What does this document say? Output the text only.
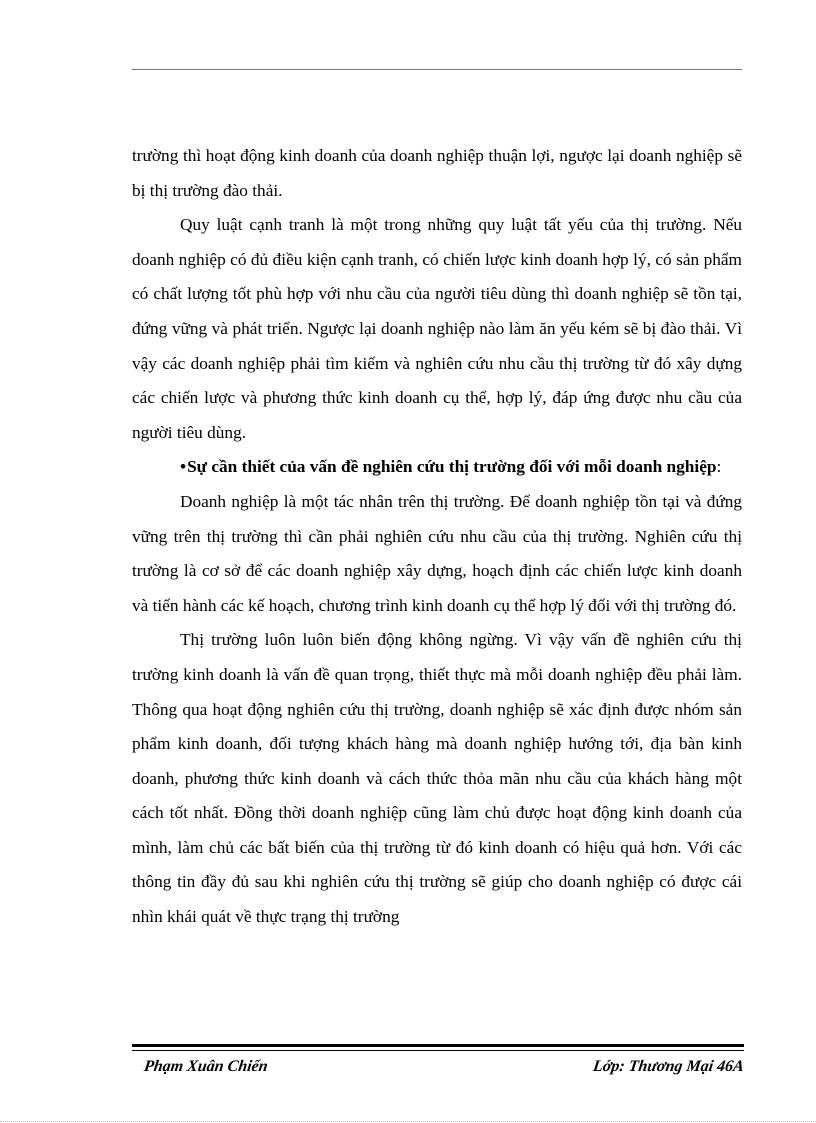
trường thì hoạt động kinh doanh của doanh nghiệp thuận lợi, ngược lại doanh nghiệp sẽ bị thị trường đào thải.

Quy luật cạnh tranh là một trong những quy luật tất yếu của thị trường. Nếu doanh nghiệp có đủ điều kiện cạnh tranh, có chiến lược kinh doanh hợp lý, có sản phẩm có chất lượng tốt phù hợp với nhu cầu của người tiêu dùng thì doanh nghiệp sẽ tồn tại, đứng vững và phát triển. Ngược lại doanh nghiệp nào làm ăn yếu kém sẽ bị đào thải. Vì vậy các doanh nghiệp phải tìm kiếm và nghiên cứu nhu cầu thị trường từ đó xây dựng các chiến lược và phương thức kinh doanh cụ thể, hợp lý, đáp ứng được nhu cầu của người tiêu dùng.

•Sự cần thiết của vấn đề nghiên cứu thị trường đối với mỗi doanh nghiệp:

Doanh nghiệp là một tác nhân trên thị trường. Để doanh nghiệp tồn tại và đứng vững trên thị trường thì cần phải nghiên cứu nhu cầu của thị trường. Nghiên cứu thị trường là cơ sở để các doanh nghiệp xây dựng, hoạch định các chiến lược kinh doanh và tiến hành các kế hoạch, chương trình kinh doanh cụ thể hợp lý đối với thị trường đó.

Thị trường luôn luôn biến động không ngừng. Vì vậy vấn đề nghiên cứu thị trường kinh doanh là vấn đề quan trọng, thiết thực mà mỗi doanh nghiệp đều phải làm. Thông qua hoạt động nghiên cứu thị trường, doanh nghiệp sẽ xác định được nhóm sản phẩm kinh doanh, đối tượng khách hàng mà doanh nghiệp hướng tới, địa bàn kinh doanh, phương thức kinh doanh và cách thức thỏa mãn nhu cầu của khách hàng một cách tốt nhất. Đồng thời doanh nghiệp cũng làm chủ được hoạt động kinh doanh của mình, làm chủ các bất biến của thị trường từ đó kinh doanh có hiệu quả hơn. Với các thông tin đầy đủ sau khi nghiên cứu thị trường sẽ giúp cho doanh nghiệp có được cái nhìn khái quát về thực trạng thị trường

Phạm Xuân Chiến	Lớp: Thương Mại 46A
